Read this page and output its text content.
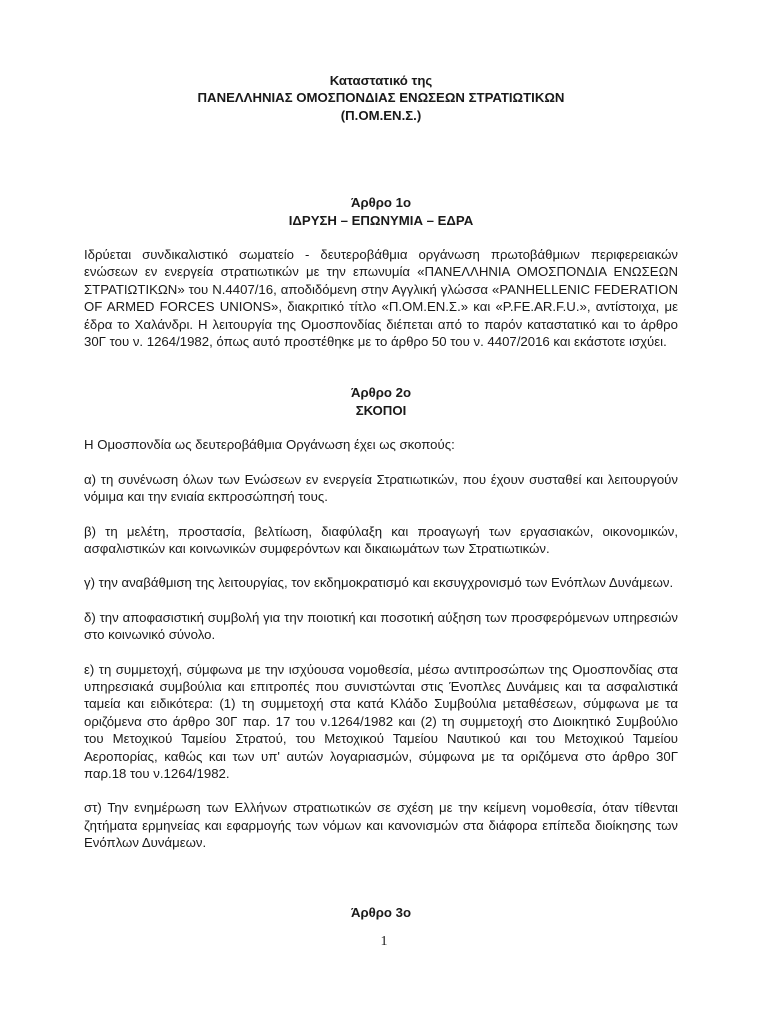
Καταστατικό της
ΠΑΝΕΛΛΗΝΙΑΣ ΟΜΟΣΠΟΝΔΙΑΣ ΕΝΩΣΕΩΝ ΣΤΡΑΤΙΩΤΙΚΩΝ
(Π.ΟΜ.ΕΝ.Σ.)
Άρθρο 1ο
ΙΔΡΥΣΗ – ΕΠΩΝΥΜΙΑ – ΕΔΡΑ

Ιδρύεται συνδικαλιστικό σωματείο - δευτεροβάθμια οργάνωση πρωτοβάθμιων περιφερειακών ενώσεων εν ενεργεία στρατιωτικών με την επωνυμία «ΠΑΝΕΛΛΗΝΙΑ ΟΜΟΣΠΟΝΔΙΑ ΕΝΩΣΕΩΝ ΣΤΡΑΤΙΩΤΙΚΩΝ» του Ν.4407/16, αποδιδόμενη στην Αγγλική γλώσσα «PANHELLENIC FEDERATION OF ARMED FORCES UNIONS», διακριτικό τίτλο «Π.ΟΜ.ΕΝ.Σ.» και «P.FE.AR.F.U.», αντίστοιχα, με έδρα το Χαλάνδρι. Η λειτουργία της Ομοσπονδίας διέπεται από το παρόν καταστατικό και το άρθρο 30Γ του ν. 1264/1982, όπως αυτό προστέθηκε με το άρθρο 50 του ν. 4407/2016 και εκάστοτε ισχύει.

Άρθρο 2ο
ΣΚΟΠΟΙ

Η Ομοσπονδία ως δευτεροβάθμια Οργάνωση έχει ως σκοπούς:

α) τη συνένωση όλων των Ενώσεων εν ενεργεία Στρατιωτικών, που έχουν συσταθεί και λειτουργούν νόμιμα και την ενιαία εκπροσώπησή τους.

β) τη μελέτη, προστασία, βελτίωση, διαφύλαξη και προαγωγή των εργασιακών, οικονομικών, ασφαλιστικών και κοινωνικών συμφερόντων και δικαιωμάτων των Στρατιωτικών.

γ) την αναβάθμιση της λειτουργίας, τον εκδημοκρατισμό και εκσυγχρονισμό των Ενόπλων Δυνάμεων.

δ) την αποφασιστική συμβολή για την ποιοτική και ποσοτική αύξηση των προσφερόμενων υπηρεσιών στο κοινωνικό σύνολο.

ε) τη συμμετοχή, σύμφωνα με την ισχύουσα νομοθεσία, μέσω αντιπροσώπων της Ομοσπονδίας στα υπηρεσιακά συμβούλια και επιτροπές που συνιστώνται στις Ένοπλες Δυνάμεις και τα ασφαλιστικά ταμεία και ειδικότερα: (1) τη συμμετοχή στα κατά Κλάδο Συμβούλια μεταθέσεων, σύμφωνα με τα οριζόμενα στο άρθρο 30Γ παρ. 17 του ν.1264/1982 και (2) τη συμμετοχή στο Διοικητικό Συμβούλιο του Μετοχικού Ταμείου Στρατού, του Μετοχικού Ταμείου Ναυτικού και του Μετοχικού Ταμείου Αεροπορίας, καθώς και των υπ' αυτών λογαριασμών, σύμφωνα με τα οριζόμενα στο άρθρο 30Γ παρ.18 του ν.1264/1982.

στ) Την ενημέρωση των Ελλήνων στρατιωτικών σε σχέση με την κείμενη νομοθεσία, όταν τίθενται ζητήματα ερμηνείας και εφαρμογής των νόμων και κανονισμών στα διάφορα επίπεδα διοίκησης των Ενόπλων Δυνάμεων.

Άρθρο 3ο
1
